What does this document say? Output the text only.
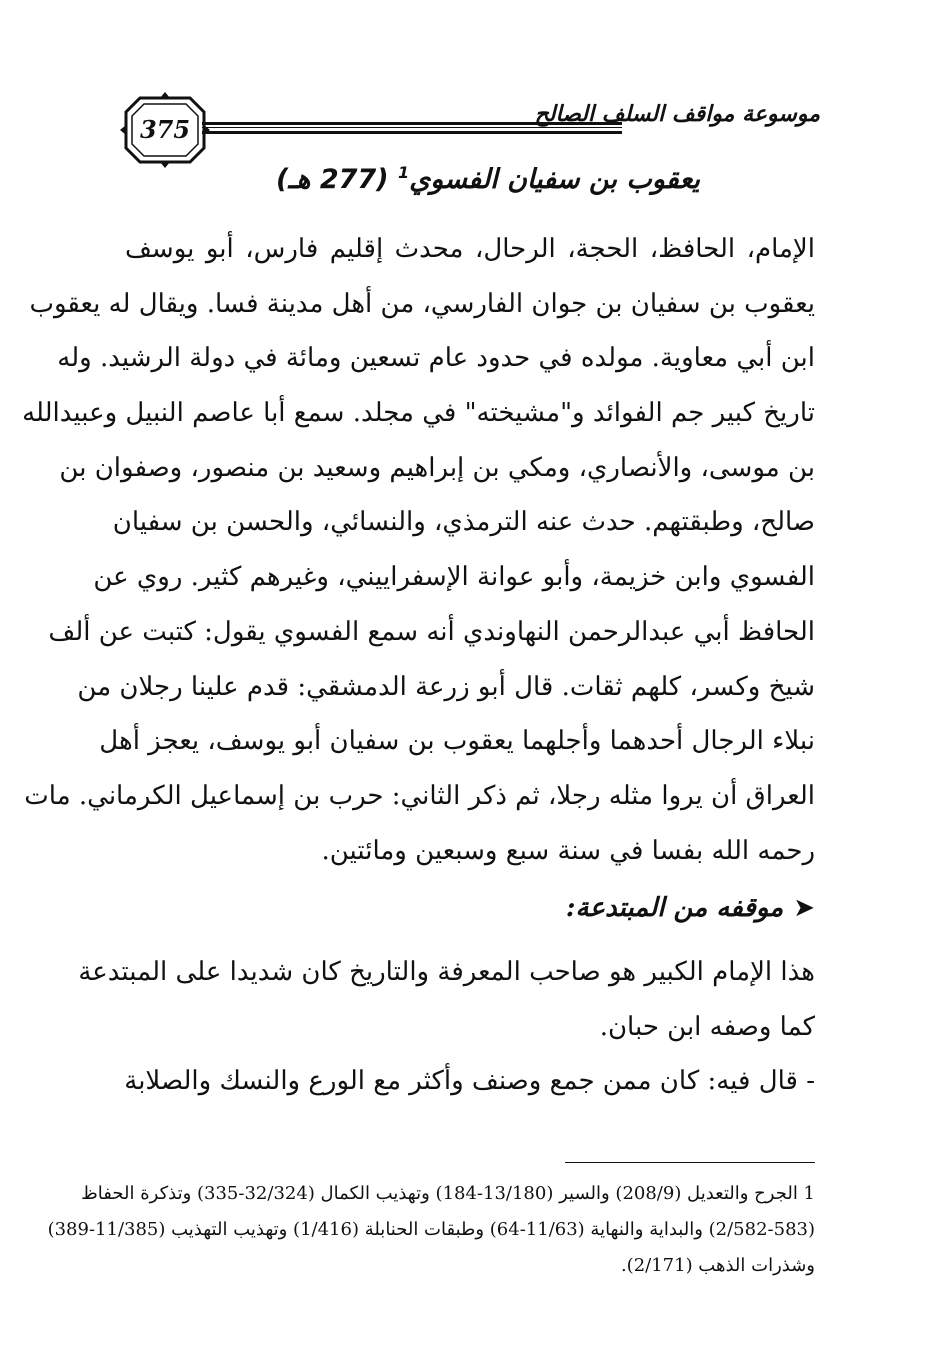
375
موسوعة مواقف السلف الصالح
يعقوب بن سفيان الفسوي$^1$ (277 هـ)
الإمام، الحافظ، الحجة، الرحال، محدث إقليم فارس، أبو يوسف
يعقوب بن سفيان بن جوان الفارسي، من أهل مدينة فسا. ويقال له يعقوب
ابن أبي معاوية. مولده في حدود عام تسعين ومائة في دولة الرشيد. وله
تاريخ كبير جم الفوائد و"مشيخته" في مجلد. سمع أبا عاصم النبيل وعبيدالله
بن موسى، والأنصاري، ومكي بن إبراهيم وسعيد بن منصور، وصفوان بن
صالح، وطبقتهم. حدث عنه الترمذي، والنسائي، والحسن بن سفيان
الفسوي وابن خزيمة، وأبو عوانة الإسفراييني، وغيرهم كثير. روي عن
الحافظ أبي عبدالرحمن النهاوندي أنه سمع الفسوي يقول: كتبت عن ألف
شيخ وكسر، كلهم ثقات. قال أبو زرعة الدمشقي: قدم علينا رجلان من
نبلاء الرجال أحدهما وأجلهما يعقوب بن سفيان أبو يوسف، يعجز أهل
العراق أن يروا مثله رجلا، ثم ذكر الثاني: حرب بن إسماعيل الكرماني. مات
رحمه الله بفسا في سنة سبع وسبعين ومائتين.
➤موقفه من المبتدعة:
هذا الإمام الكبير هو صاحب المعرفة والتاريخ كان شديدا على المبتدعة
كما وصفه ابن حبان.
- قال فيه: كان ممن جمع وصنف وأكثر مع الورع والنسك والصلابة
1 الجرح والتعديل (208/9) والسير (13/180-184) وتهذيب الكمال (32/324-335) وتذكرة الحفاظ
(2/582-583) والبداية والنهاية (11/63-64) وطبقات الحنابلة (1/416) وتهذيب التهذيب (11/385-389)
وشذرات الذهب (2/171).
